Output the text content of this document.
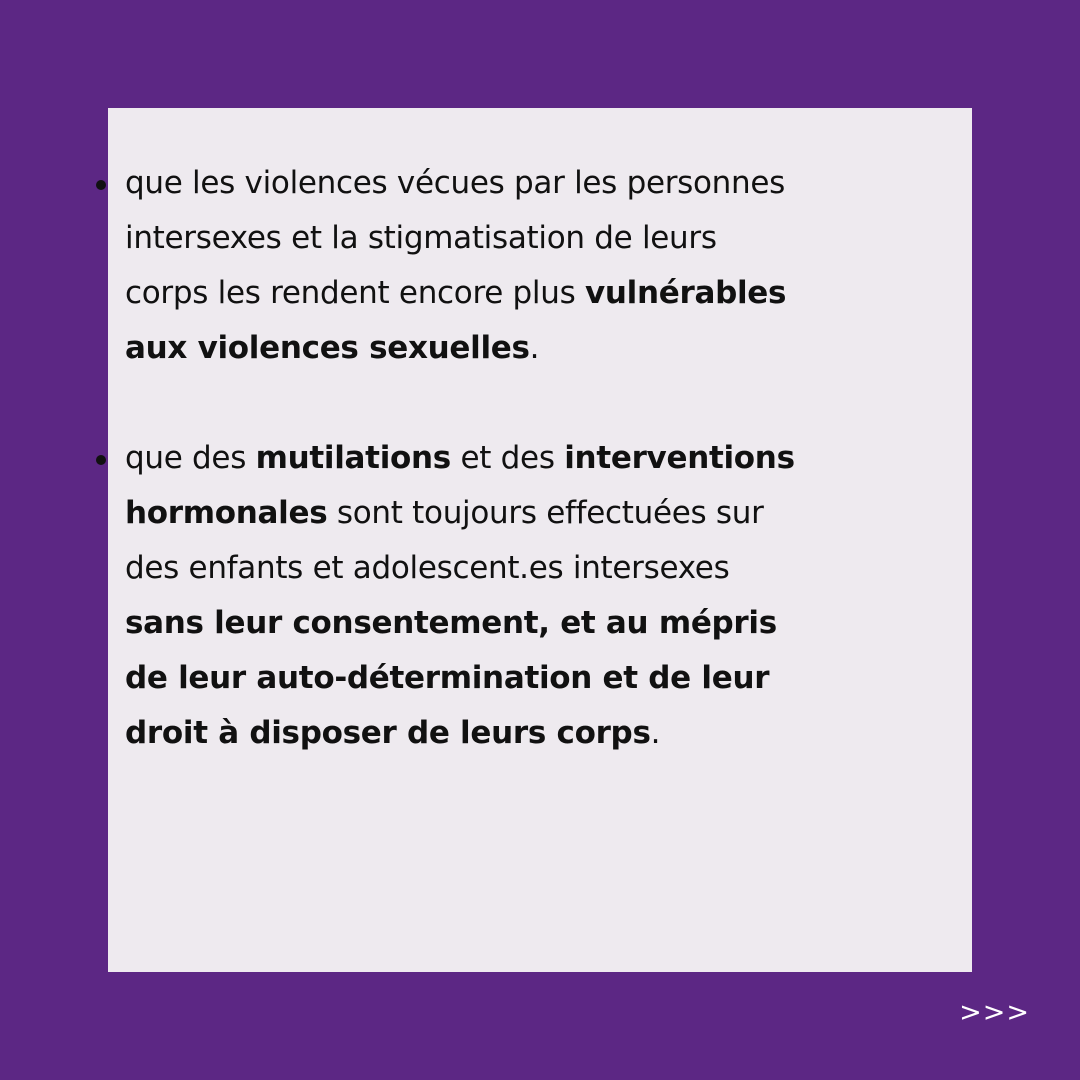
que les violences vécues par les personnes intersexes et la stigmatisation de leurs corps les rendent encore plus vulnérables aux violences sexuelles.
que des mutilations et des interventions hormonales sont toujours effectuées sur des enfants et adolescent.es intersexes sans leur consentement, et au mépris de leur auto-détermination et de leur droit à disposer de leurs corps.
>>>
